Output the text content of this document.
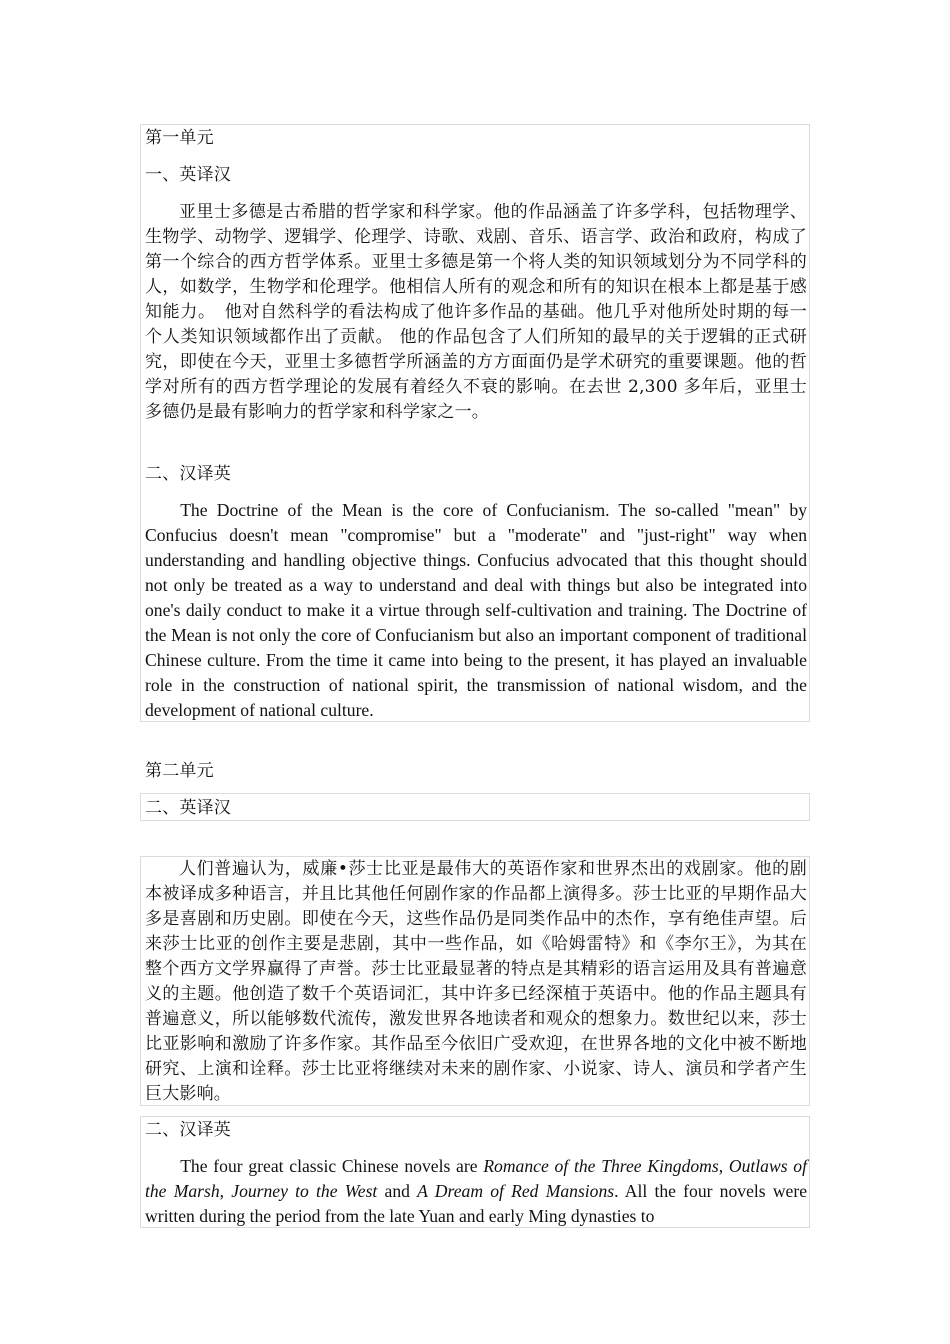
第一单元
一、英译汉
亚里士多德是古希腊的哲学家和科学家。他的作品涵盖了许多学科，包括物理学、生物学、动物学、逻辑学、伦理学、诗歌、戏剧、音乐、语言学、政治和政府，构成了第一个综合的西方哲学体系。亚里士多德是第一个将人类的知识领域划分为不同学科的人，如数学，生物学和伦理学。他相信人所有的观念和所有的知识在根本上都是基于感知能力。　他对自然科学的看法构成了他许多作品的基础。他几乎对他所处时期的每一个人类知识领域都作出了贡献。 他的作品包含了人们所知的最早的关于逻辑的正式研究，即使在今天，亚里士多德哲学所涵盖的方方面面仍是学术研究的重要课题。他的哲学对所有的西方哲学理论的发展有着经久不衰的影响。在去世 2,300 多年后，亚里士多德仍是最有影响力的哲学家和科学家之一。
二、汉译英
The Doctrine of the Mean is the core of Confucianism. The so-called "mean" by Confucius doesn't mean "compromise" but a "moderate" and "just-right" way when understanding and handling objective things. Confucius advocated that this thought should not only be treated as a way to understand and deal with things but also be integrated into one's daily conduct to make it a virtue through self-cultivation and training. The Doctrine of the Mean is not only the core of Confucianism but also an important component of traditional Chinese culture. From the time it came into being to the present, it has played an invaluable role in the construction of national spirit, the transmission of national wisdom, and the development of national culture.
第二单元
二、英译汉
人们普遍认为，威廉•莎士比亚是最伟大的英语作家和世界杰出的戏剧家。他的剧本被译成多种语言，并且比其他任何剧作家的作品都上演得多。莎士比亚的早期作品大多是喜剧和历史剧。即使在今天，这些作品仍是同类作品中的杰作，享有绝佳声望。后来莎士比亚的创作主要是悲剧，其中一些作品，如《哈姆雷特》和《李尔王》，为其在整个西方文学界赢得了声誉。莎士比亚最显著的特点是其精彩的语言运用及具有普遍意义的主题。他创造了数千个英语词汇，其中许多已经深植于英语中。他的作品主题具有普遍意义，所以能够数代流传，激发世界各地读者和观众的想象力。数世纪以来，莎士比亚影响和激励了许多作家。其作品至今依旧广受欢迎，在世界各地的文化中被不断地研究、上演和诠释。莎士比亚将继续对未来的剧作家、小说家、诗人、演员和学者产生巨大影响。
二、汉译英
The four great classic Chinese novels are Romance of the Three Kingdoms, Outlaws of the Marsh, Journey to the West and A Dream of Red Mansions. All the four novels were written during the period from the late Yuan and early Ming dynasties to
